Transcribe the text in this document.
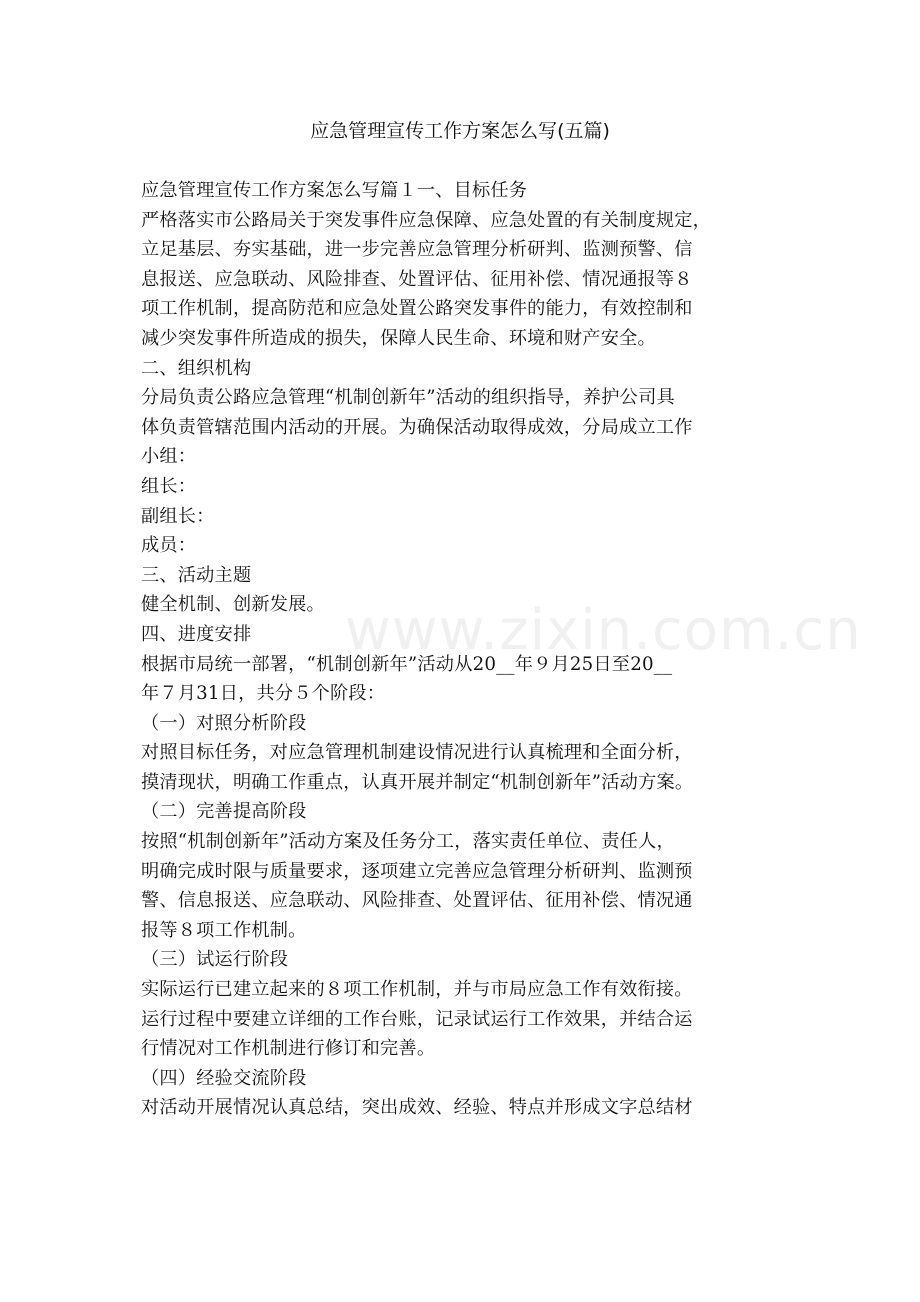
应急管理宣传工作方案怎么写(五篇)
www.zixin.com.cn
应急管理宣传工作方案怎么写篇１一、目标任务
严格落实市公路局关于突发事件应急保障、应急处置的有关制度规定，
立足基层、夯实基础，进一步完善应急管理分析研判、监测预警、信
息报送、应急联动、风险排查、处置评估、征用补偿、情况通报等８
项工作机制，提高防范和应急处置公路突发事件的能力，有效控制和
减少突发事件所造成的损失，保障人民生命、环境和财产安全。
二、组织机构
分局负责公路应急管理“机制创新年”活动的组织指导，养护公司具
体负责管辖范围内活动的开展。为确保活动取得成效，分局成立工作
小组：
组长：
副组长：
成员：
三、活动主题
健全机制、创新发展。
四、进度安排
根据市局统一部署，“机制创新年”活动从20__年９月25日至20__
年７月31日，共分５个阶段：
（一）对照分析阶段
对照目标任务，对应急管理机制建设情况进行认真梳理和全面分析，
摸清现状，明确工作重点，认真开展并制定“机制创新年”活动方案。
（二）完善提高阶段
按照“机制创新年”活动方案及任务分工，落实责任单位、责任人，
明确完成时限与质量要求，逐项建立完善应急管理分析研判、监测预
警、信息报送、应急联动、风险排查、处置评估、征用补偿、情况通
报等８项工作机制。
（三）试运行阶段
实际运行已建立起来的８项工作机制，并与市局应急工作有效衔接。
运行过程中要建立详细的工作台账，记录试运行工作效果，并结合运
行情况对工作机制进行修订和完善。
（四）经验交流阶段
对活动开展情况认真总结，突出成效、经验、特点并形成文字总结材
